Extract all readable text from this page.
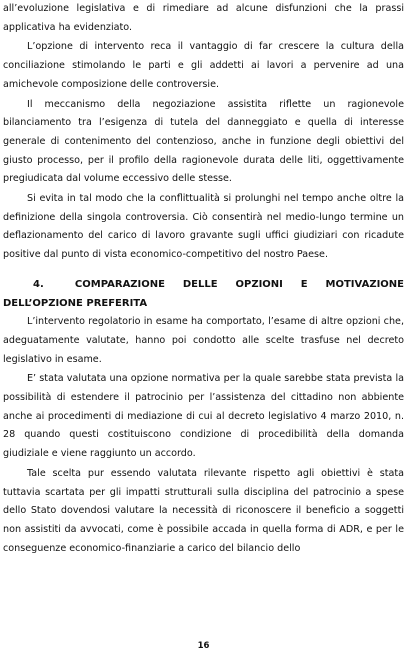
all’evoluzione legislativa e di rimediare ad alcune disfunzioni che la prassi applicativa ha evidenziato.

L’opzione di intervento reca il vantaggio di far crescere la cultura della conciliazione stimolando le parti e gli addetti ai lavori a pervenire ad una amichevole composizione delle controversie.

Il meccanismo della negoziazione assistita riflette un ragionevole bilanciamento tra l’esigenza di tutela del danneggiato e quella di interesse generale di contenimento del contenzioso, anche in funzione degli obiettivi del giusto processo, per il profilo della ragionevole durata delle liti, oggettivamente pregiudicata dal volume eccessivo delle stesse.

Si evita in tal modo che la conflittualità si prolunghi nel tempo anche oltre la definizione della singola controversia. Ciò consentirà nel medio-lungo termine un deflazionamento del carico di lavoro gravante sugli uffici giudiziari con ricadute positive dal punto di vista economico-competitivo del nostro Paese.

4.	COMPARAZIONE DELLE OPZIONI E MOTIVAZIONE DELL’OPZIONE PREFERITA

L’intervento regolatorio in esame ha comportato, l’esame di altre opzioni che, adeguatamente valutate, hanno poi condotto alle scelte trasfuse nel decreto legislativo in esame.

E’ stata valutata una opzione normativa per la quale sarebbe stata prevista la possibilità di estendere il patrocinio per l’assistenza del cittadino non abbiente anche ai procedimenti di mediazione di cui al decreto legislativo 4 marzo 2010, n. 28 quando questi costituiscono condizione di procedibilità della domanda giudiziale e viene raggiunto un accordo.

Tale scelta pur essendo valutata rilevante rispetto agli obiettivi è stata tuttavia scartata per gli impatti strutturali sulla disciplina del patrocinio a spese dello Stato dovendosi valutare la necessità di riconoscere il beneficio a soggetti non assistiti da avvocati, come è possibile accada in quella forma di ADR, e per le conseguenze economico-finanziarie a carico del bilancio dello

16
